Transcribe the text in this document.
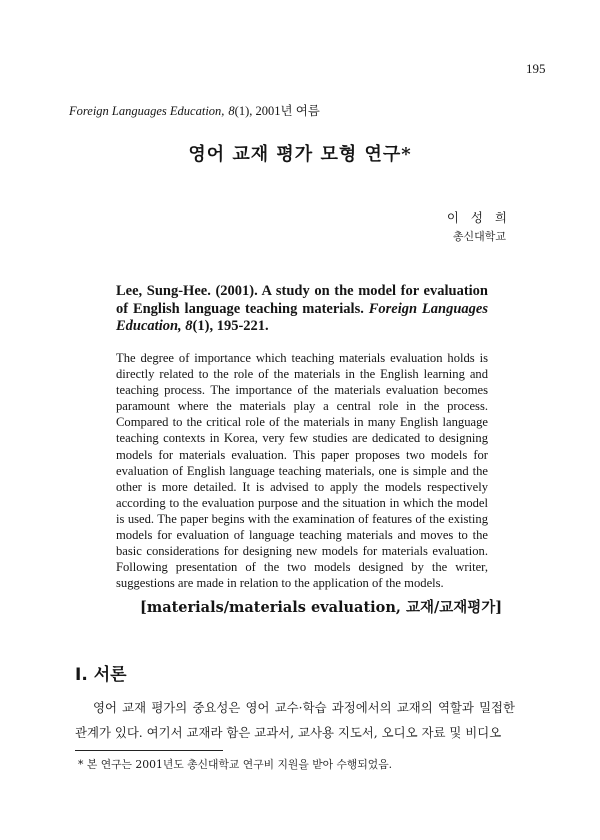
195
Foreign Languages Education, 8(1), 2001년 여름
영어 교재 평가 모형 연구*
이 성 희
총신대학교
Lee, Sung-Hee. (2001). A study on the model for evaluation of English language teaching materials. Foreign Languages Education, 8(1), 195-221.
The degree of importance which teaching materials evaluation holds is directly related to the role of the materials in the English learning and teaching process. The importance of the materials evaluation becomes paramount where the materials play a central role in the process. Compared to the critical role of the materials in many English language teaching contexts in Korea, very few studies are dedicated to designing models for materials evaluation. This paper proposes two models for evaluation of English language teaching materials, one is simple and the other is more detailed. It is advised to apply the models respectively according to the evaluation purpose and the situation in which the model is used. The paper begins with the examination of features of the existing models for evaluation of language teaching materials and moves to the basic considerations for designing new models for materials evaluation. Following presentation of the two models designed by the writer, suggestions are made in relation to the application of the models.
[materials/materials evaluation, 교재/교재평가]
I. 서론

영어 교재 평가의 중요성은 영어 교수·학습 과정에서의 교재의 역할과 밀접한 관계가 있다. 여기서 교재라 함은 교과서, 교사용 지도서, 오디오 자료 및 비디오

* 본 연구는 2001년도 총신대학교 연구비 지원을 받아 수행되었음.
